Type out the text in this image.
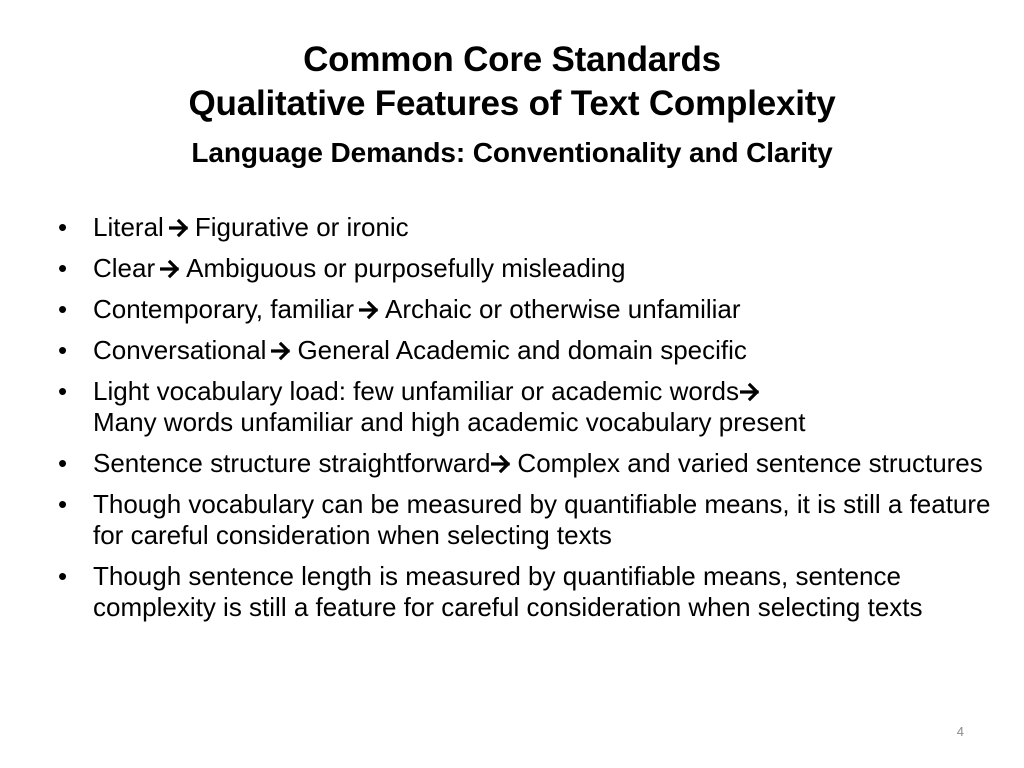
Common Core Standards
Qualitative Features of Text Complexity
Language Demands: Conventionality and Clarity
• Literal Figurative or ironic
• Clear Ambiguous or purposefully misleading
• Contemporary, familiar Archaic or otherwise unfamiliar
• Conversational General Academic and domain specific
• Light vocabulary load: few unfamiliar or academic words
Many words unfamiliar and high academic vocabulary present
• Sentence structure straightforward Complex and varied sentence structures
• Though vocabulary can be measured by quantifiable means, it is still a feature for careful consideration when selecting texts
• Though sentence length is measured by quantifiable means, sentence complexity is still a feature for careful consideration when selecting texts
4
